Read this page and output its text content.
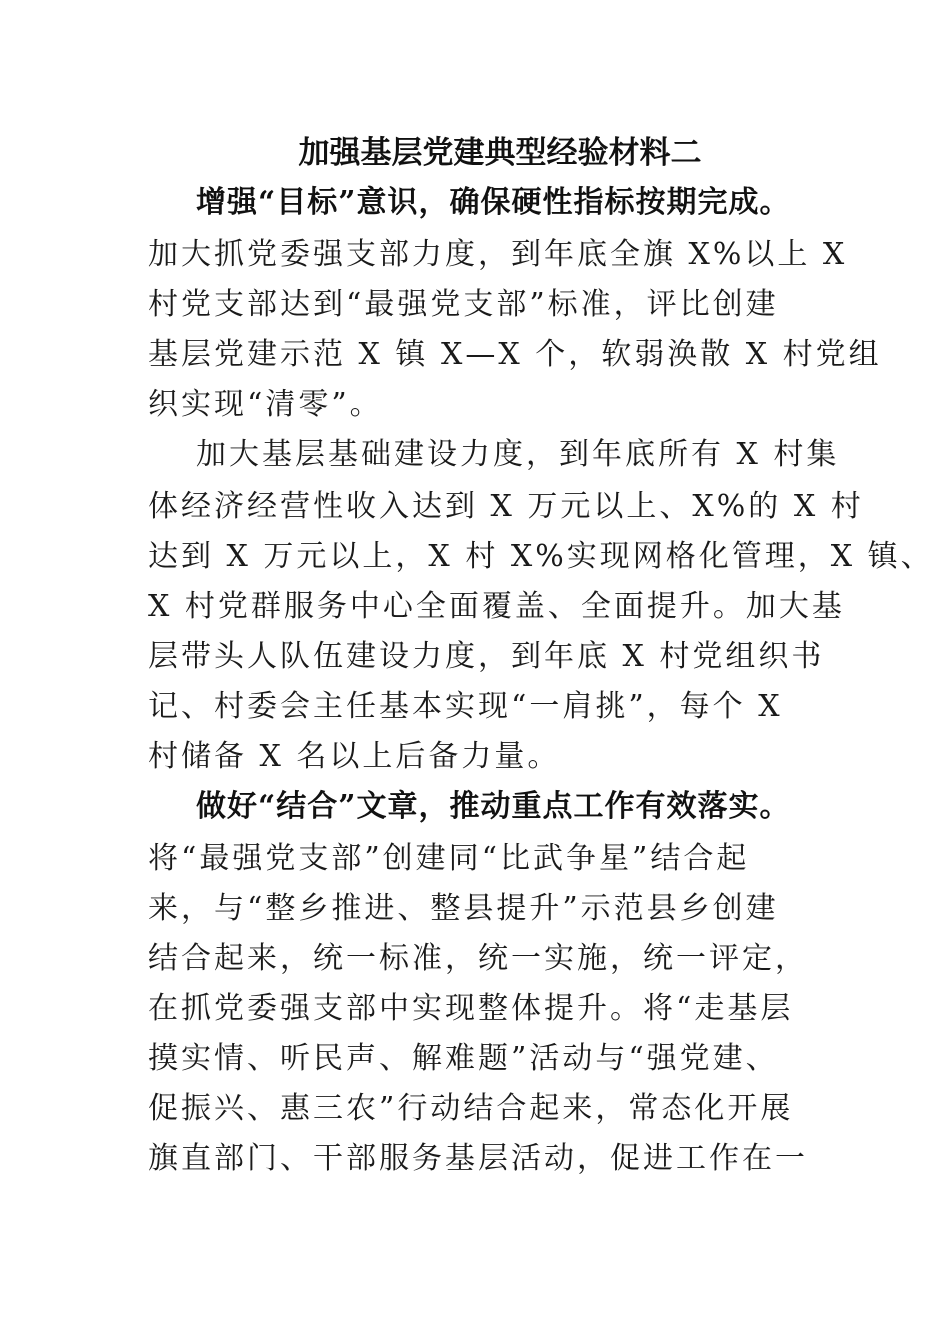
加强基层党建典型经验材料二
增强“目标”意识，确保硬性指标按期完成。
加大抓党委强支部力度，到年底全旗 X%以上 X
村党支部达到“最强党支部”标准，评比创建
基层党建示范 X 镇 X—X 个，软弱涣散 X 村党组
织实现“清零”。
加大基层基础建设力度，到年底所有 X 村集
体经济经营性收入达到 X 万元以上、X%的 X 村
达到 X 万元以上，X 村 X%实现网格化管理，X 镇、
X 村党群服务中心全面覆盖、全面提升。加大基
层带头人队伍建设力度，到年底 X 村党组织书
记、村委会主任基本实现“一肩挑”，每个 X
村储备 X 名以上后备力量。
做好“结合”文章，推动重点工作有效落实。
将“最强党支部”创建同“比武争星”结合起
来，与“整乡推进、整县提升”示范县乡创建
结合起来，统一标准，统一实施，统一评定，
在抓党委强支部中实现整体提升。将“走基层
摸实情、听民声、解难题”活动与“强党建、
促振兴、惠三农”行动结合起来，常态化开展
旗直部门、干部服务基层活动，促进工作在一
